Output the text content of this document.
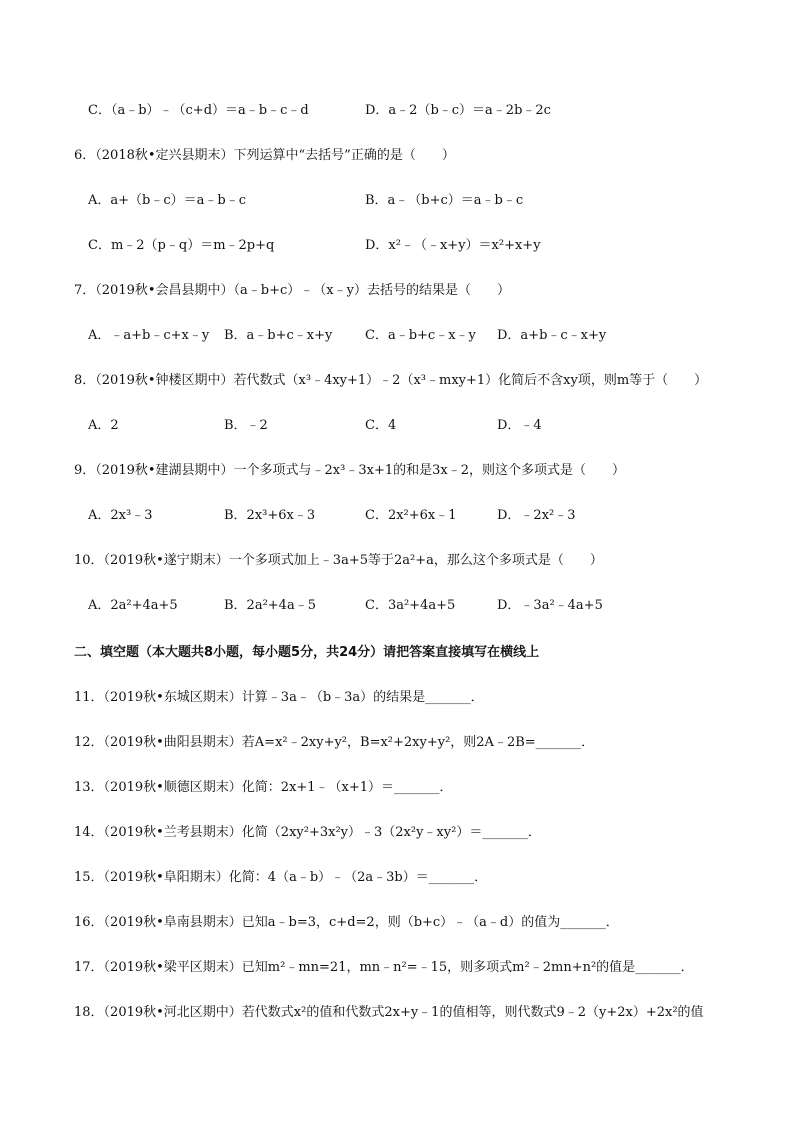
C．（a﹣b）﹣（c+d）＝a﹣b﹣c﹣d	D．a﹣2（b﹣c）＝a﹣2b﹣2c
6．（2018秋•定兴县期末）下列运算中“去括号”正确的是（　　）
A．a+（b﹣c）＝a﹣b﹣c	B．a﹣（b+c）＝a﹣b﹣c
C．m﹣2（p﹣q）＝m﹣2p+q	D．x²﹣（﹣x+y）＝x²+x+y
7．（2019秋•会昌县期中）（a﹣b+c）﹣（x﹣y）去括号的结果是（　　）
A．﹣a+b﹣c+x﹣y B．a﹣b+c﹣x+y	C．a﹣b+c﹣x﹣y D．a+b﹣c﹣x+y
8．（2019秋•钟楼区期中）若代数式（x³﹣4xy+1）﹣2（x³﹣mxy+1）化简后不含xy项，则m等于（　　）
A．2	B．﹣2	C．4	D．﹣4
9．（2019秋•建湖县期中）一个多项式与﹣2x³﹣3x+1的和是3x﹣2，则这个多项式是（　　）
A．2x³﹣3	B．2x³+6x﹣3	C．2x²+6x﹣1	D．﹣2x²﹣3
10．（2019秋•遂宁期末）一个多项式加上﹣3a+5等于2a²+a，那么这个多项式是（　　）
A．2a²+4a+5	B．2a²+4a﹣5	C．3a²+4a+5	D．﹣3a²﹣4a+5
二、填空题（本大题共8小题，每小题5分，共24分）请把答案直接填写在横线上
11．（2019秋•东城区期末）计算﹣3a﹣（b﹣3a）的结果是_______．
12．（2019秋•曲阳县期末）若A=x²﹣2xy+y²，B=x²+2xy+y²，则2A﹣2B=_______．
13．（2019秋•顺德区期末）化简：2x+1﹣（x+1）＝_______．
14．（2019秋•兰考县期末）化简（2xy²+3x²y）﹣3（2x²y﹣xy²）＝_______．
15．（2019秋•阜阳期末）化简：4（a﹣b）﹣（2a﹣3b）＝_______．
16．（2019秋•阜南县期末）已知a﹣b=3，c+d=2，则（b+c）﹣（a﹣d）的值为_______．
17．（2019秋•梁平区期末）已知m²﹣mn=21，mn﹣n²=﹣15，则多项式m²﹣2mn+n²的值是_______．
18．（2019秋•河北区期中）若代数式x²的值和代数式2x+y﹣1的值相等，则代数式9﹣2（y+2x）+2x²的值
